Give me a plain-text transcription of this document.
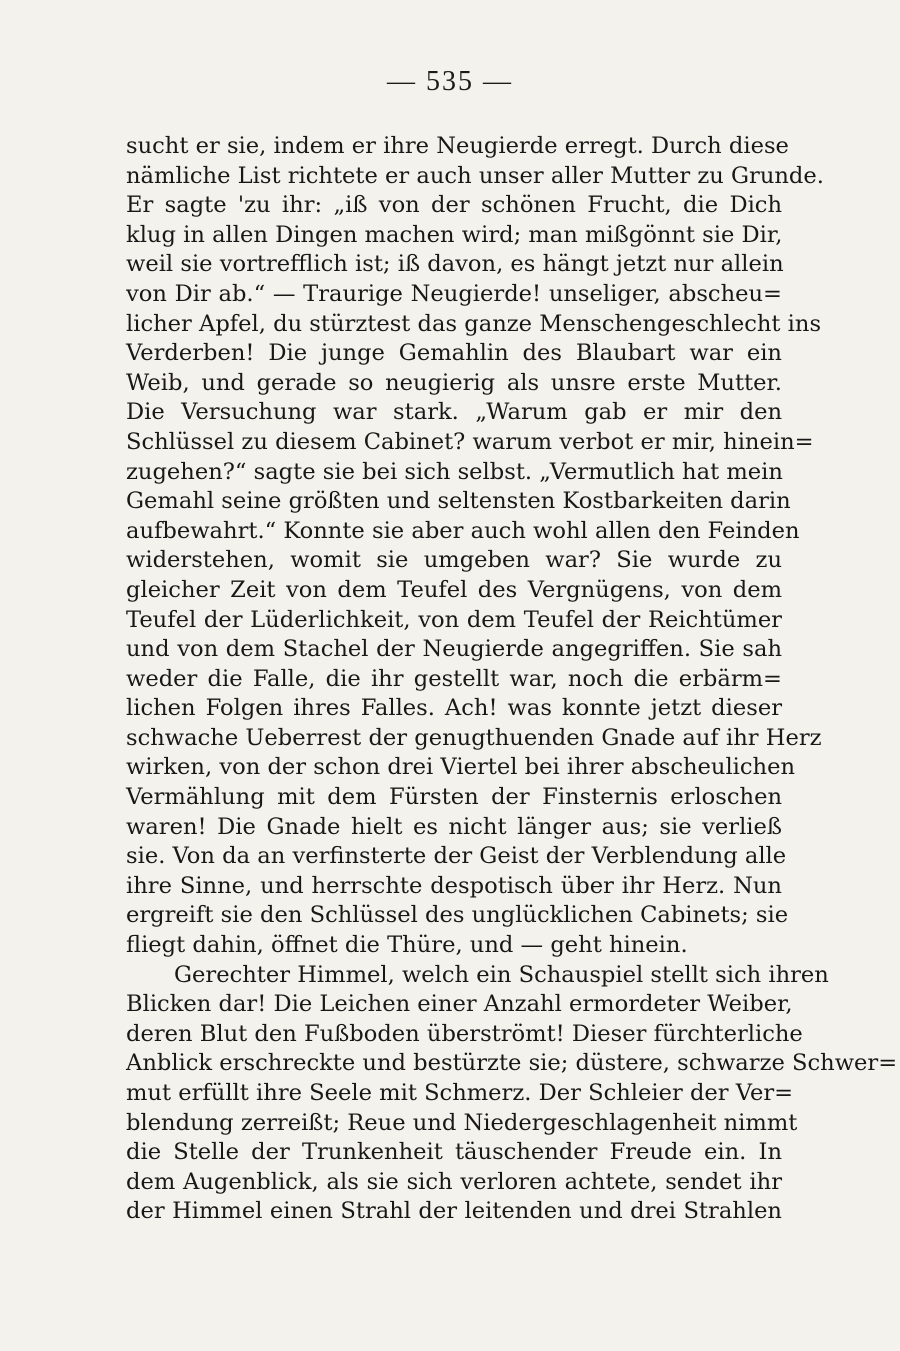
— 535 —
sucht er sie, indem er ihre Neugierde erregt. Durch diese
nämliche List richtete er auch unser aller Mutter zu Grunde.
Er sagte 'zu ihr: „iß von der schönen Frucht, die Dich
klug in allen Dingen machen wird; man mißgönnt sie Dir,
weil sie vortrefflich ist; iß davon, es hängt jetzt nur allein
von Dir ab.“ — Traurige Neugierde! unseliger, abscheu=
licher Apfel, du stürztest das ganze Menschengeschlecht ins
Verderben! Die junge Gemahlin des Blaubart war ein
Weib, und gerade so neugierig als unsre erste Mutter.
Die Versuchung war stark. „Warum gab er mir den
Schlüssel zu diesem Cabinet? warum verbot er mir, hinein=
zugehen?“ sagte sie bei sich selbst. „Vermutlich hat mein
Gemahl seine größten und seltensten Kostbarkeiten darin
aufbewahrt.“ Konnte sie aber auch wohl allen den Feinden
widerstehen, womit sie umgeben war? Sie wurde zu
gleicher Zeit von dem Teufel des Vergnügens, von dem
Teufel der Lüderlichkeit, von dem Teufel der Reichtümer
und von dem Stachel der Neugierde angegriffen. Sie sah
weder die Falle, die ihr gestellt war, noch die erbärm=
lichen Folgen ihres Falles. Ach! was konnte jetzt dieser
schwache Ueberrest der genugthuenden Gnade auf ihr Herz
wirken, von der schon drei Viertel bei ihrer abscheulichen
Vermählung mit dem Fürsten der Finsternis erloschen
waren! Die Gnade hielt es nicht länger aus; sie verließ
sie. Von da an verfinsterte der Geist der Verblendung alle
ihre Sinne, und herrschte despotisch über ihr Herz. Nun
ergreift sie den Schlüssel des unglücklichen Cabinets; sie
fliegt dahin, öffnet die Thüre, und — geht hinein.
Gerechter Himmel, welch ein Schauspiel stellt sich ihren
Blicken dar! Die Leichen einer Anzahl ermordeter Weiber,
deren Blut den Fußboden überströmt! Dieser fürchterliche
Anblick erschreckte und bestürzte sie; düstere, schwarze Schwer=
mut erfüllt ihre Seele mit Schmerz. Der Schleier der Ver=
blendung zerreißt; Reue und Niedergeschlagenheit nimmt
die Stelle der Trunkenheit täuschender Freude ein. In
dem Augenblick, als sie sich verloren achtete, sendet ihr
der Himmel einen Strahl der leitenden und drei Strahlen
